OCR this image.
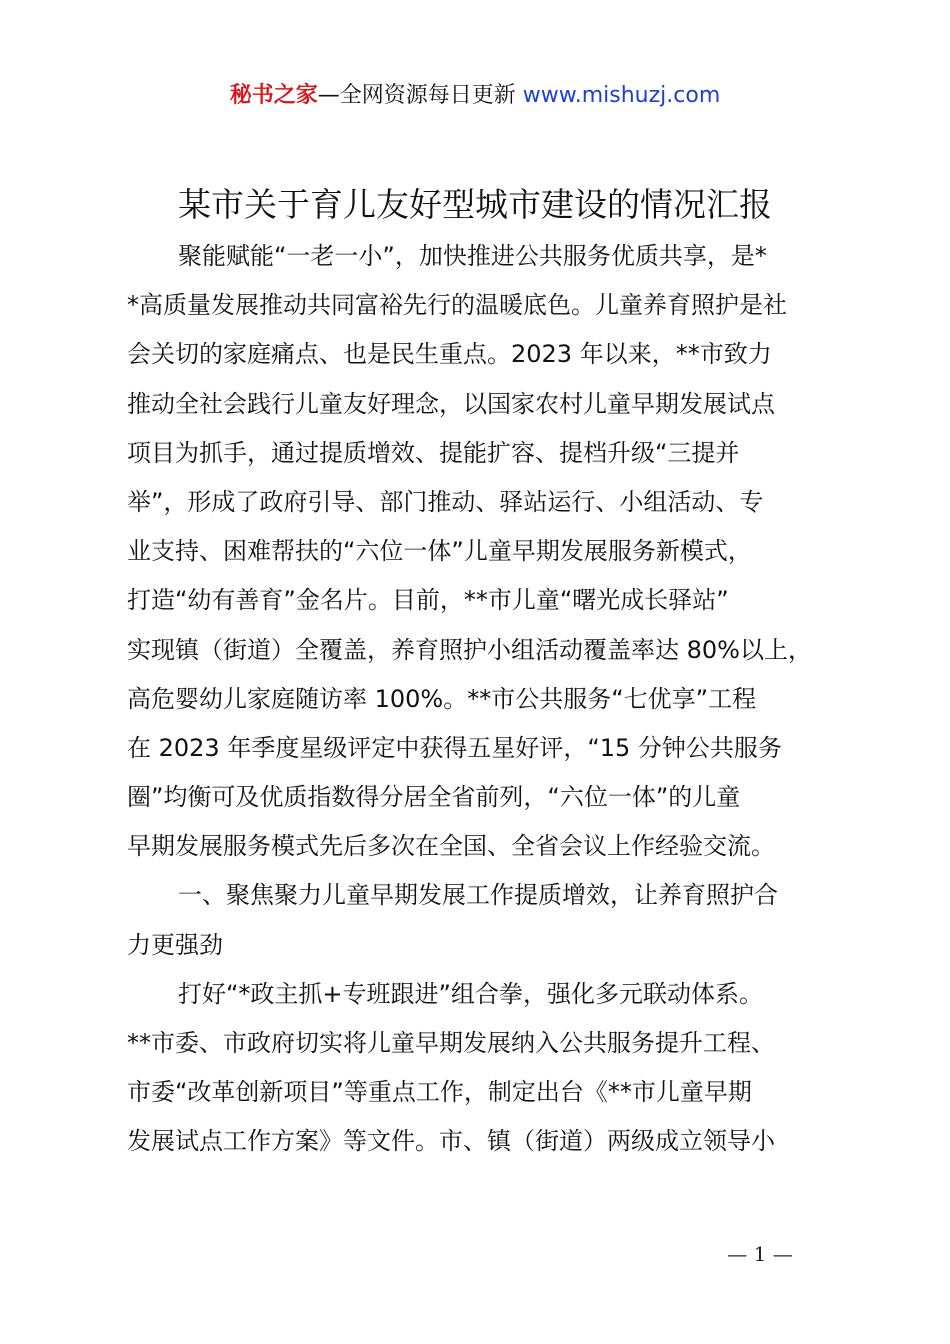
秘书之家—全网资源每日更新 www.mishuzj.com
某市关于育儿友好型城市建设的情况汇报
聚能赋能“一老一小”，加快推进公共服务优质共享，是*
*高质量发展推动共同富裕先行的温暖底色。儿童养育照护是社
会关切的家庭痛点、也是民生重点。2023 年以来，**市致力
推动全社会践行儿童友好理念，以国家农村儿童早期发展试点
项目为抓手，通过提质增效、提能扩容、提档升级“三提并
举”，形成了政府引导、部门推动、驿站运行、小组活动、专
业支持、困难帮扶的“六位一体”儿童早期发展服务新模式，
打造“幼有善育”金名片。目前，**市儿童“曙光成长驿站”
实现镇（街道）全覆盖，养育照护小组活动覆盖率达 80%以上，
高危婴幼儿家庭随访率 100%。**市公共服务“七优享”工程
在 2023 年季度星级评定中获得五星好评，“15 分钟公共服务
圈”均衡可及优质指数得分居全省前列，“六位一体”的儿童
早期发展服务模式先后多次在全国、全省会议上作经验交流。
一、聚焦聚力儿童早期发展工作提质增效，让养育照护合
力更强劲
打好“*政主抓+专班跟进”组合拳，强化多元联动体系。
**市委、市政府切实将儿童早期发展纳入公共服务提升工程、
市委“改革创新项目”等重点工作，制定出台《**市儿童早期
发展试点工作方案》等文件。市、镇（街道）两级成立领导小
— 1 —
